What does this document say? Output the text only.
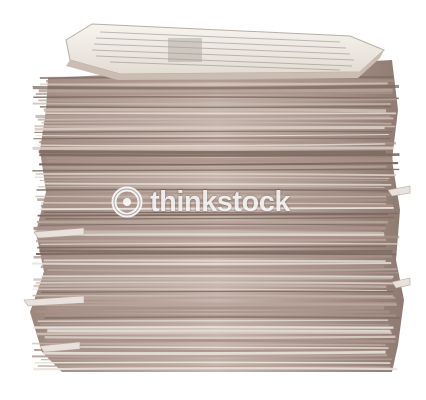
thinkstock
